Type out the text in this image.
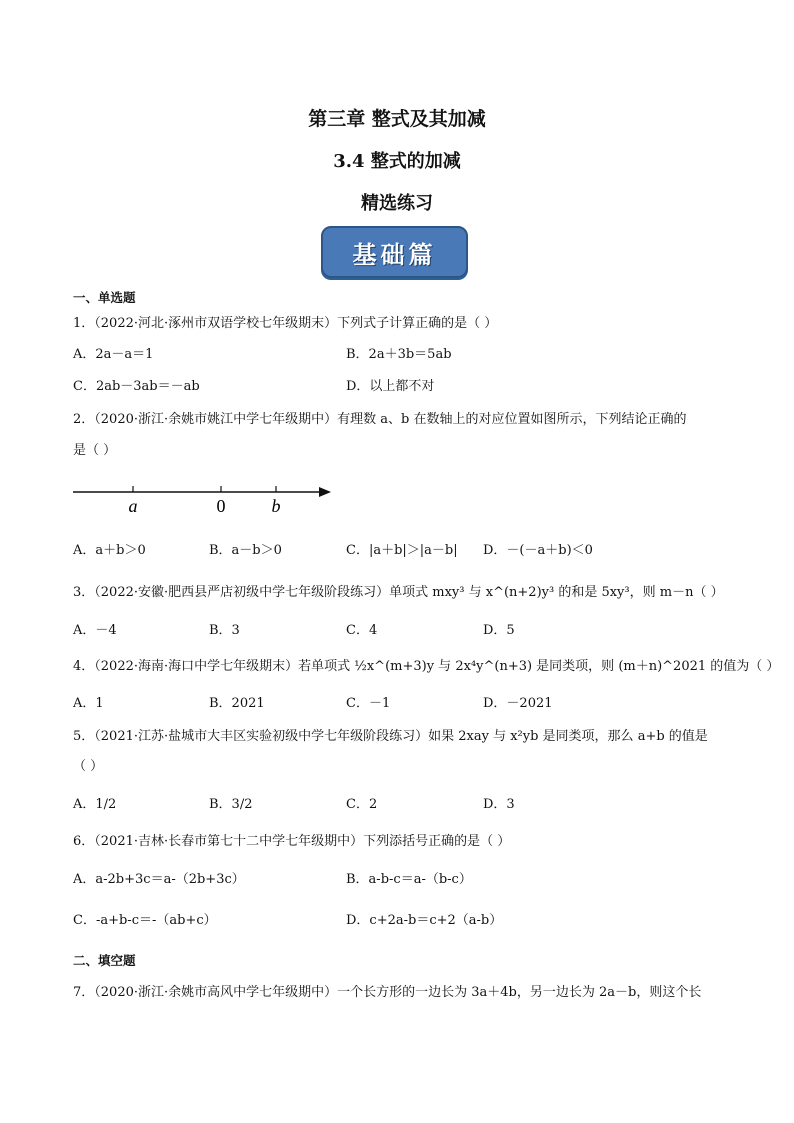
第三章 整式及其加减
3.4 整式的加减
精选练习
基础篇
一、单选题
1．（2022·河北·涿州市双语学校七年级期末）下列式子计算正确的是（ ）
A．2a－a＝1	B．2a＋3b＝5ab
C．2ab－3ab＝－ab	D．以上都不对
2．（2020·浙江·余姚市姚江中学七年级期中）有理数 a、b 在数轴上的对应位置如图所示，下列结论正确的
是（ ）
a	0	b
A．a＋b＞0	B．a－b＞0	C．|a＋b|＞|a－b| D．－(－a＋b)＜0
3．（2022·安徽·肥西县严店初级中学七年级阶段练习）单项式 mxy³ 与 x^(n+2)y³ 的和是 5xy³，则 m－n（ ）
A．－4	B．3	C．4	D．5
4．（2022·海南·海口中学七年级期末）若单项式 ½x^(m+3)y 与 2x⁴y^(n+3) 是同类项，则 (m＋n)^2021 的值为（ ）
A．1	B．2021	C．－1	D．－2021
5．（2021·江苏·盐城市大丰区实验初级中学七年级阶段练习）如果 2xay 与 x²yb 是同类项，那么 a+b 的值是
（ ）
A．1/2	B．3/2	C．2	D．3
6．（2021·吉林·长春市第七十二中学七年级期中）下列添括号正确的是（ ）
A．a-2b+3c＝a-（2b+3c）	B．a-b-c＝a-（b-c）
C．-a+b-c＝-（ab+c）	D．c+2a-b＝c+2（a-b）
二、填空题
7．（2020·浙江·余姚市高风中学七年级期中）一个长方形的一边长为 3a＋4b，另一边长为 2a－b，则这个长
